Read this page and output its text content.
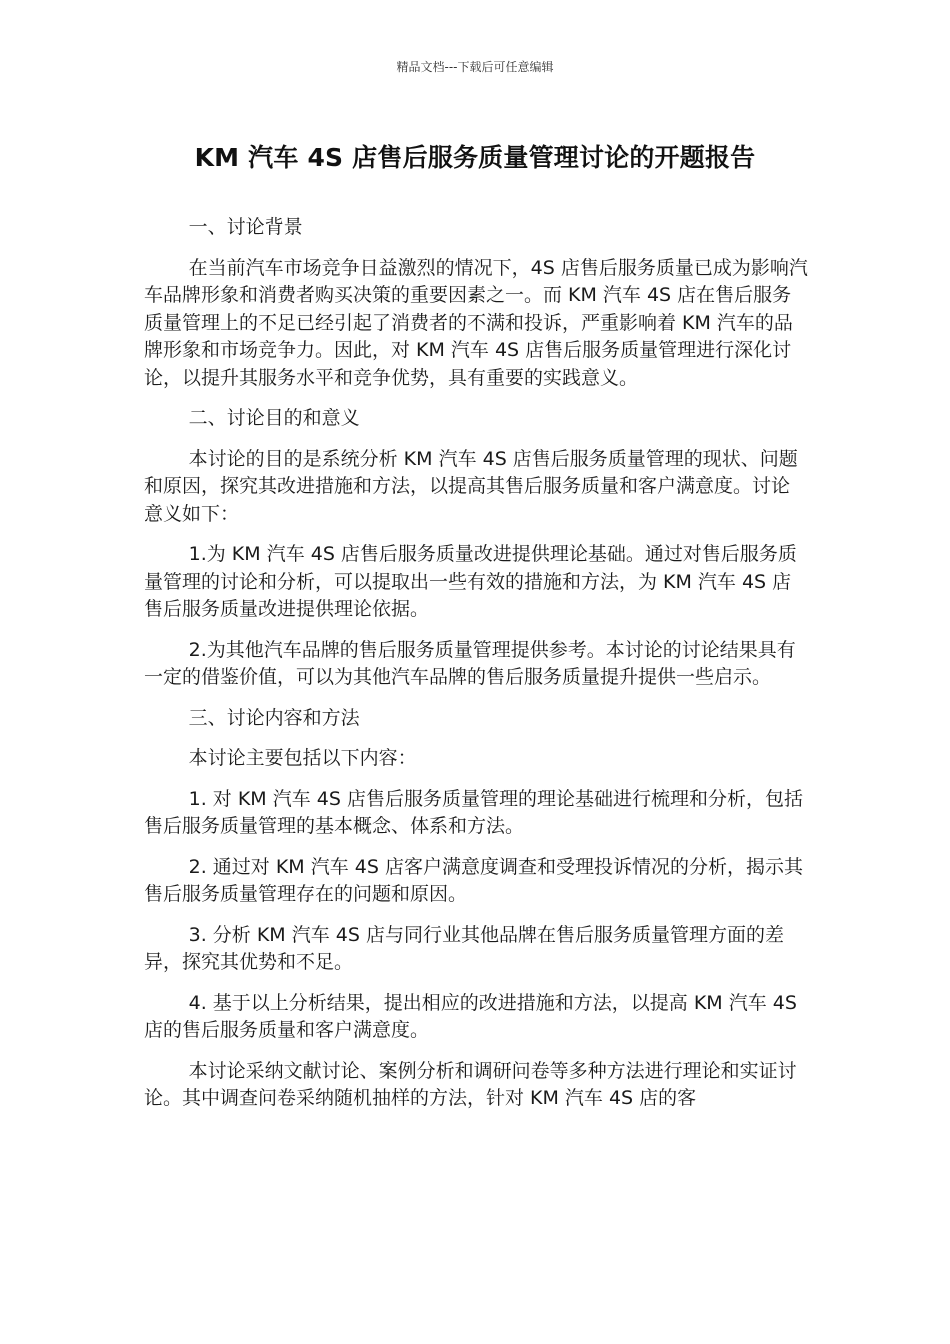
精品文档---下载后可任意编辑
KM 汽车 4S 店售后服务质量管理讨论的开题报告

一、讨论背景

在当前汽车市场竞争日益激烈的情况下，4S 店售后服务质量已成为影响汽车品牌形象和消费者购买决策的重要因素之一。而 KM 汽车 4S 店在售后服务质量管理上的不足已经引起了消费者的不满和投诉，严重影响着 KM 汽车的品牌形象和市场竞争力。因此，对 KM 汽车 4S 店售后服务质量管理进行深化讨论，以提升其服务水平和竞争优势，具有重要的实践意义。

二、讨论目的和意义

本讨论的目的是系统分析 KM 汽车 4S 店售后服务质量管理的现状、问题和原因，探究其改进措施和方法，以提高其售后服务质量和客户满意度。讨论意义如下：

1.为 KM 汽车 4S 店售后服务质量改进提供理论基础。通过对售后服务质量管理的讨论和分析，可以提取出一些有效的措施和方法，为 KM 汽车 4S 店售后服务质量改进提供理论依据。

2.为其他汽车品牌的售后服务质量管理提供参考。本讨论的讨论结果具有一定的借鉴价值，可以为其他汽车品牌的售后服务质量提升提供一些启示。

三、讨论内容和方法

本讨论主要包括以下内容：

1. 对 KM 汽车 4S 店售后服务质量管理的理论基础进行梳理和分析，包括售后服务质量管理的基本概念、体系和方法。

2. 通过对 KM 汽车 4S 店客户满意度调查和受理投诉情况的分析，揭示其售后服务质量管理存在的问题和原因。

3. 分析 KM 汽车 4S 店与同行业其他品牌在售后服务质量管理方面的差异，探究其优势和不足。

4. 基于以上分析结果，提出相应的改进措施和方法，以提高 KM 汽车 4S 店的售后服务质量和客户满意度。

本讨论采纳文献讨论、案例分析和调研问卷等多种方法进行理论和实证讨论。其中调查问卷采纳随机抽样的方法，针对 KM 汽车 4S 店的客
